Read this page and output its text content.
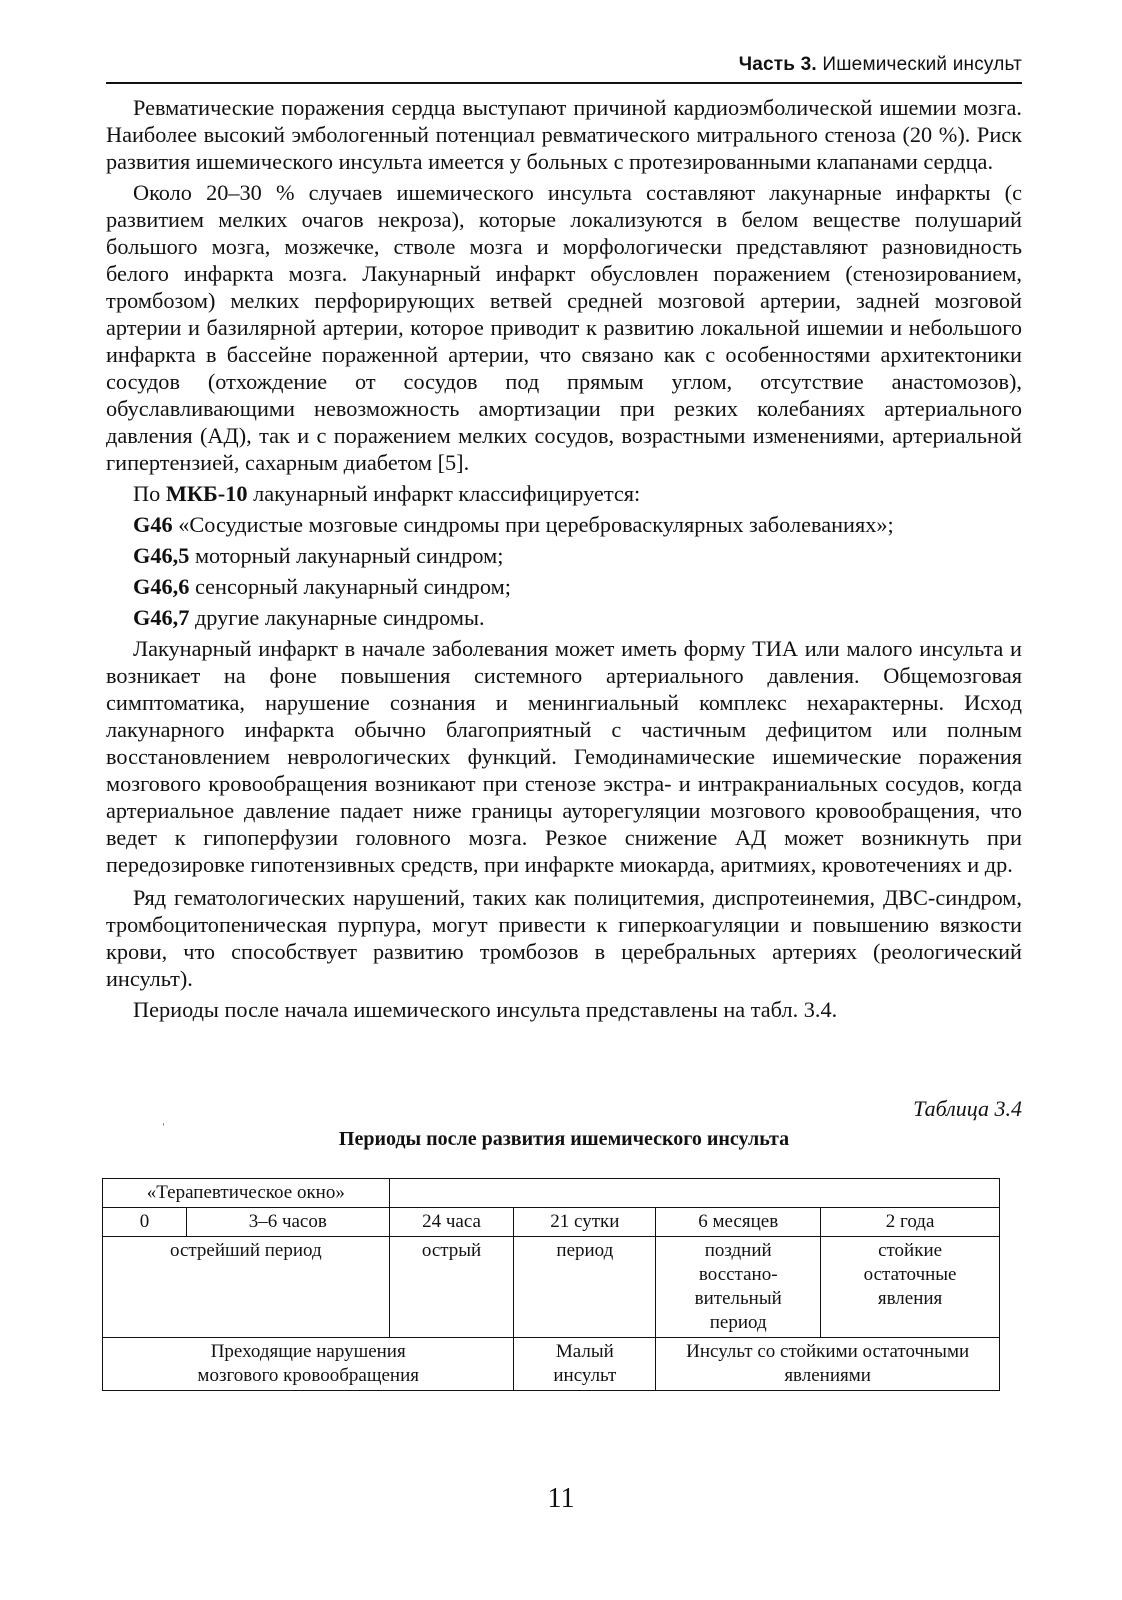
Часть 3. Ишемический инсульт

Ревматические поражения сердца выступают причиной кардиоэмболической ишемии мозга. Наиболее высокий эмбологенный потенциал ревматического митрального стеноза (20 %). Риск развития ишемического инсульта имеется у больных с протезированными клапанами сердца.

Около 20–30 % случаев ишемического инсульта составляют лакунарные инфаркты (с развитием мелких очагов некроза), которые локализуются в белом веществе полушарий большого мозга, мозжечке, стволе мозга и морфологически представляют разновидность белого инфаркта мозга. Лакунарный инфаркт обусловлен поражением (стенозированием, тромбозом) мелких перфорирующих ветвей средней мозговой артерии, задней мозговой артерии и базилярной артерии, которое приводит к развитию локальной ишемии и небольшого инфаркта в бассейне пораженной артерии, что связано как с особенностями архитектоники сосудов (отхождение от сосудов под прямым углом, отсутствие анастомозов), обуславливающими невозможность амортизации при резких колебаниях артериального давления (АД), так и с поражением мелких сосудов, возрастными изменениями, артериальной гипертензией, сахарным диабетом [5].

По МКБ-10 лакунарный инфаркт классифицируется:

G46 «Сосудистые мозговые синдромы при цереброваскулярных заболеваниях»;

G46,5 моторный лакунарный синдром;

G46,6 сенсорный лакунарный синдром;

G46,7 другие лакунарные синдромы.

Лакунарный инфаркт в начале заболевания может иметь форму ТИА или малого инсульта и возникает на фоне повышения системного артериального давления. Общемозговая симптоматика, нарушение сознания и менингиальный комплекс нехарактерны. Исход лакунарного инфаркта обычно благоприятный с частичным дефицитом или полным восстановлением неврологических функций. Гемодинамические ишемические поражения мозгового кровообращения возникают при стенозе экстра- и интракраниальных сосудов, когда артериальное давление падает ниже границы ауторегуляции мозгового кровообращения, что ведет к гипоперфузии головного мозга. Резкое снижение АД может возникнуть при передозировке гипотензивных средств, при инфаркте миокарда, аритмиях, кровотечениях и др.

Ряд гематологических нарушений, таких как полицитемия, диспротеинемия, ДВС-синдром, тромбоцитопеническая пурпура, могут привести к гиперкоагуляции и повышению вязкости крови, что способствует развитию тромбозов в церебральных артериях (реологический инсульт).

Периоды после начала ишемического инсульта представлены на табл. 3.4.

ˈ
Таблица 3.4
Периоды после развития ишемического инсульта
«Терапевтическое окно»					
0	3–6 часов	24 часа	21 сутки	6 месяцев	2 года
острейший период		острый	период	поздний восстановительный период	стойкие остаточные явления
Преходящие нарушения мозгового кровообращения			Малый инсульт	Инсульт со стойкими остаточными явлениями	
11
